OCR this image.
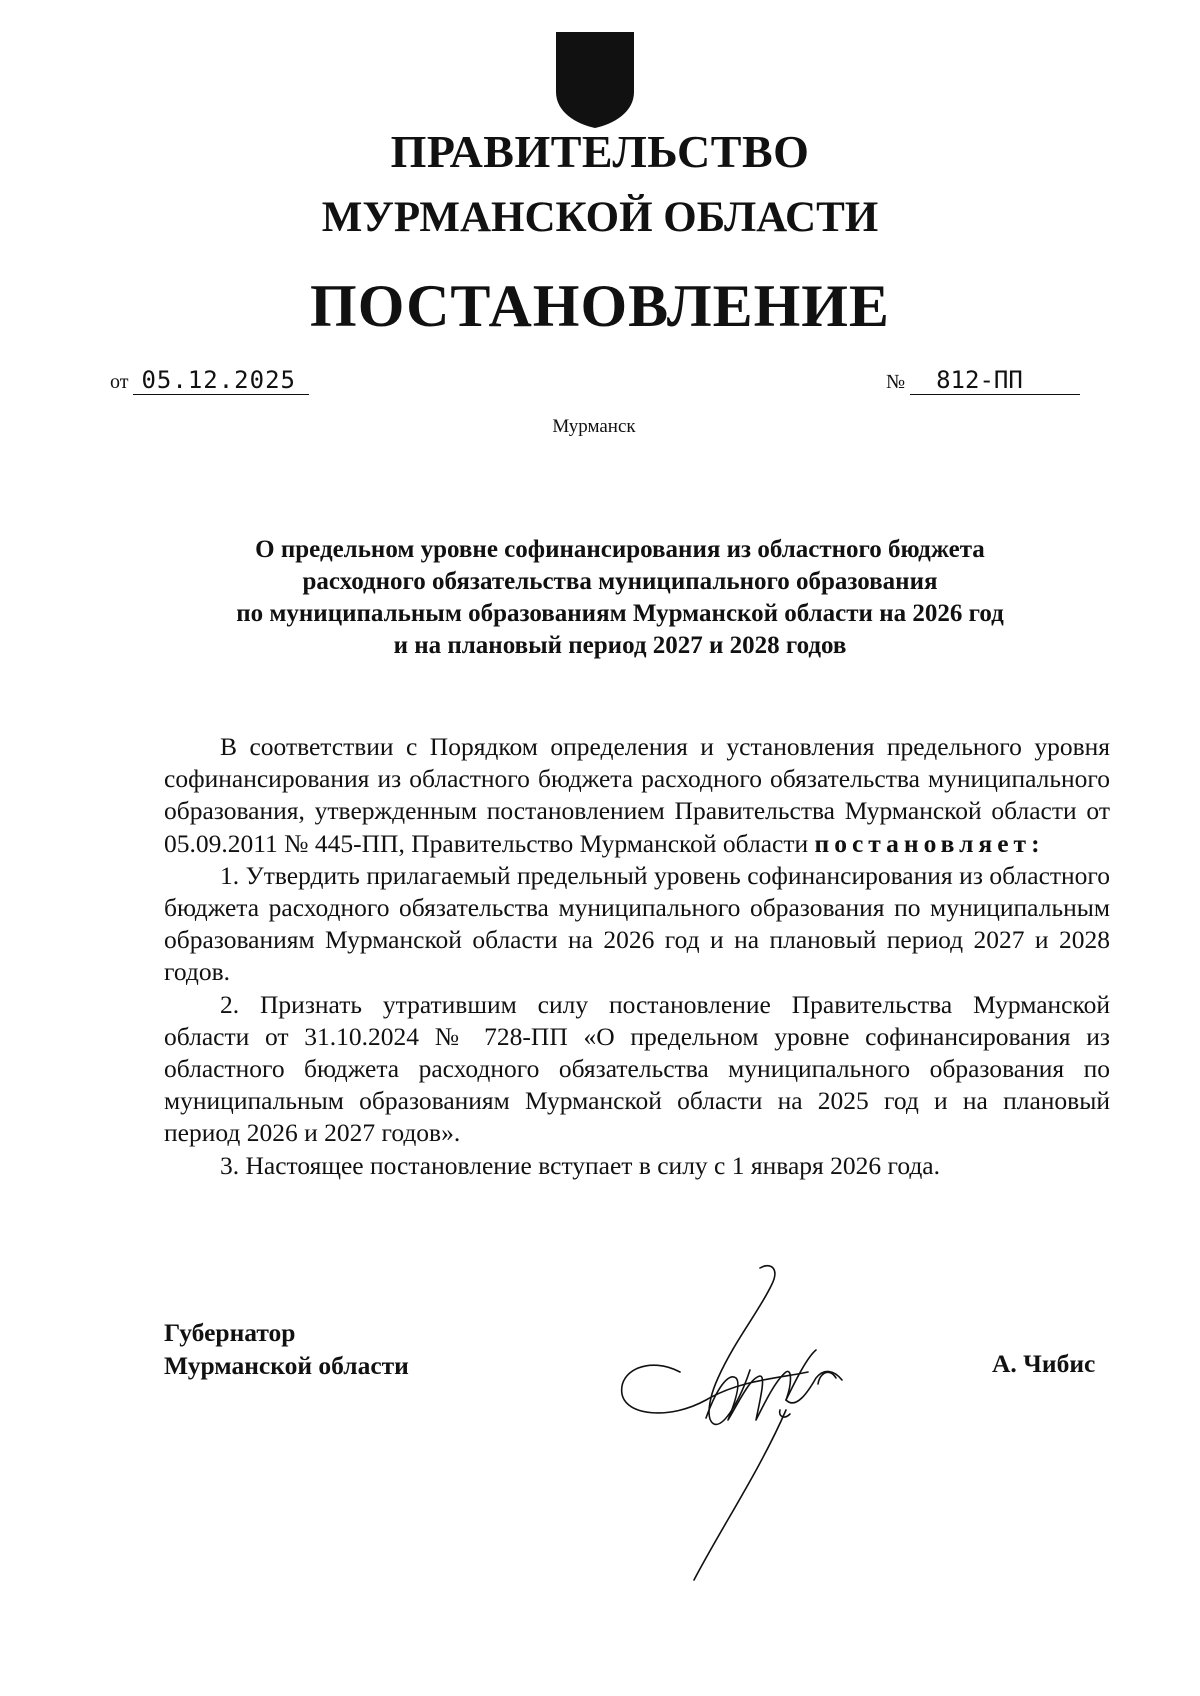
ПРАВИТЕЛЬСТВО
МУРМАНСКОЙ ОБЛАСТИ
ПОСТАНОВЛЕНИЕ
от 05.12.2025	№ 812-ПП
Мурманск
О предельном уровне софинансирования из областного бюджета
расходного обязательства муниципального образования
по муниципальным образованиям Мурманской области на 2026 год
и на плановый период 2027 и 2028 годов

В соответствии с Порядком определения и установления предельного уровня софинансирования из областного бюджета расходного обязательства муниципального образования, утвержденным постановлением Правительства Мурманской области от 05.09.2011 № 445-ПП, Правительство Мурманской области постановляет:

1. Утвердить прилагаемый предельный уровень софинансирования из областного бюджета расходного обязательства муниципального образования по муниципальным образованиям Мурманской области на 2026 год и на плановый период 2027 и 2028 годов.

2. Признать утратившим силу постановление Правительства Мурманской области от 31.10.2024 № 728-ПП «О предельном уровне софинансирования из областного бюджета расходного обязательства муниципального образования по муниципальным образованиям Мурманской области на 2025 год и на плановый период 2026 и 2027 годов».

3. Настоящее постановление вступает в силу с 1 января 2026 года.

Губернатор
Мурманской области	А. Чибис
